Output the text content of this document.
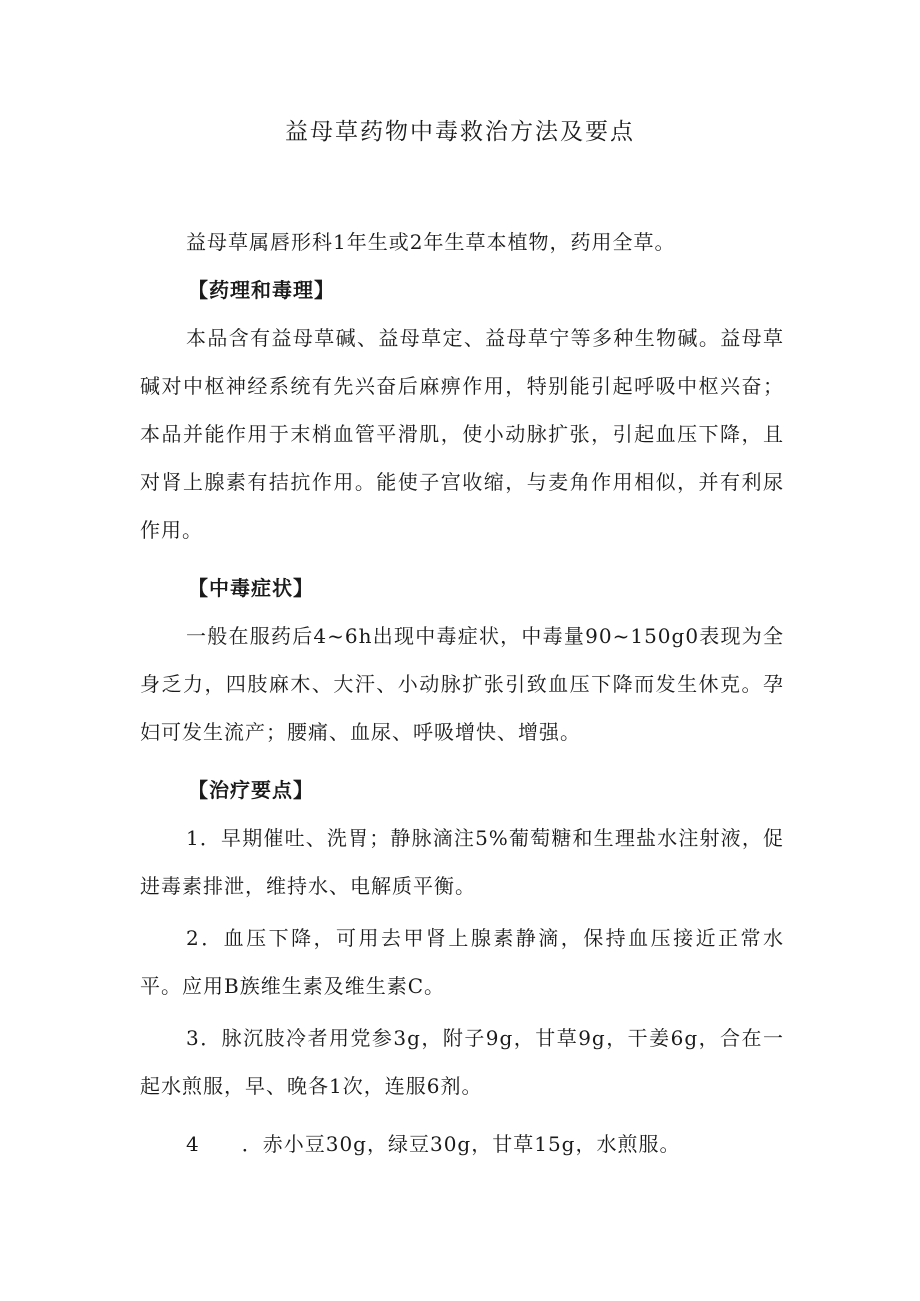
益母草药物中毒救治方法及要点

益母草属唇形科1年生或2年生草本植物，药用全草。

【药理和毒理】

本品含有益母草碱、益母草定、益母草宁等多种生物碱。益母草碱对中枢神经系统有先兴奋后麻痹作用，特别能引起呼吸中枢兴奋；本品并能作用于末梢血管平滑肌，使小动脉扩张，引起血压下降，且对肾上腺素有拮抗作用。能使子宫收缩，与麦角作用相似，并有利尿作用。

【中毒症状】

一般在服药后4~6h出现中毒症状，中毒量90~150g0表现为全身乏力，四肢麻木、大汗、小动脉扩张引致血压下降而发生休克。孕妇可发生流产；腰痛、血尿、呼吸增快、增强。

【治疗要点】

1．早期催吐、洗胃；静脉滴注5%葡萄糖和生理盐水注射液，促进毒素排泄，维持水、电解质平衡。

2．血压下降，可用去甲肾上腺素静滴，保持血压接近正常水平。应用B族维生素及维生素C。

3．脉沉肢冷者用党参3g，附子9g，甘草9g，干姜6g，合在一起水煎服，早、晚各1次，连服6剂。

4　　．赤小豆30g，绿豆30g，甘草15g，水煎服。
